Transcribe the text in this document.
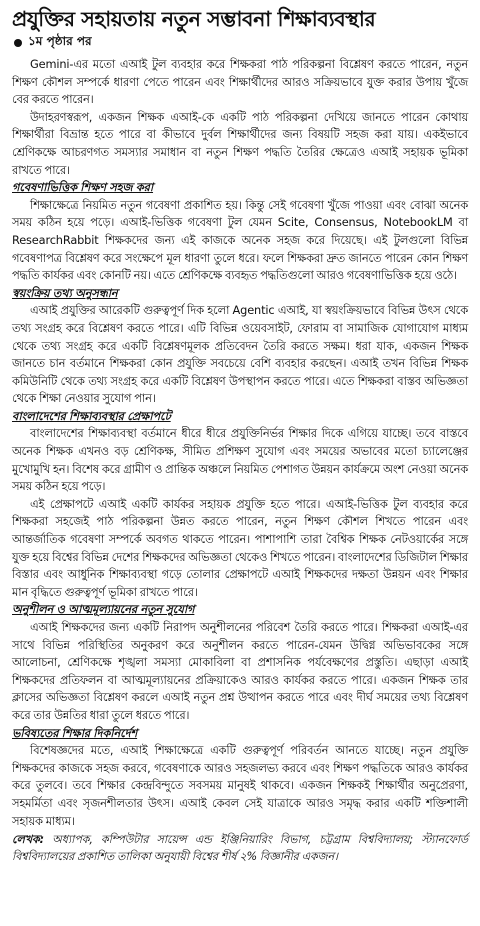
প্রযুক্তির সহায়তায় নতুন সম্ভাবনা শিক্ষাব্যবস্থার
১ম পৃষ্ঠার পর

Gemini-এর মতো এআই টুল ব্যবহার করে শিক্ষকরা পাঠ পরিকল্পনা বিশ্লেষণ করতে পারেন, নতুন শিক্ষণ কৌশল সম্পর্কে ধারণা পেতে পারেন এবং শিক্ষার্থীদের আরও সক্রিয়ভাবে যুক্ত করার উপায় খুঁজে বের করতে পারেন।

উদাহরণস্বরূপ, একজন শিক্ষক এআই-কে একটি পাঠ পরিকল্পনা দেখিয়ে জানতে পারেন কোথায় শিক্ষার্থীরা বিভ্রান্ত হতে পারে বা কীভাবে দুর্বল শিক্ষার্থীদের জন্য বিষয়টি সহজ করা যায়। একইভাবে শ্রেণিকক্ষে আচরণগত সমস্যার সমাধান বা নতুন শিক্ষণ পদ্ধতি তৈরির ক্ষেত্রেও এআই সহায়ক ভূমিকা রাখতে পারে।

গবেষণাভিত্তিক শিক্ষণ সহজ করা

শিক্ষাক্ষেত্রে নিয়মিত নতুন গবেষণা প্রকাশিত হয়। কিন্তু সেই গবেষণা খুঁজে পাওয়া এবং বোঝা অনেক সময় কঠিন হয়ে পড়ে। এআই-ভিত্তিক গবেষণা টুল যেমন Scite, Consensus, NotebookLM বা ResearchRabbit শিক্ষকদের জন্য এই কাজকে অনেক সহজ করে দিয়েছে। এই টুলগুলো বিভিন্ন গবেষণাপত্র বিশ্লেষণ করে সংক্ষেপে মূল ধারণা তুলে ধরে। ফলে শিক্ষকরা দ্রুত জানতে পারেন কোন শিক্ষণ পদ্ধতি কার্যকর এবং কোনটি নয়। এতে শ্রেণিকক্ষে ব্যবহৃত পদ্ধতিগুলো আরও গবেষণাভিত্তিক হয়ে ওঠে।

স্বয়ংক্রিয় তথ্য অনুসন্ধান

এআই প্রযুক্তির আরেকটি গুরুত্বপূর্ণ দিক হলো Agentic এআই, যা স্বয়ংক্রিয়ভাবে বিভিন্ন উৎস থেকে তথ্য সংগ্রহ করে বিশ্লেষণ করতে পারে। এটি বিভিন্ন ওয়েবসাইট, ফোরাম বা সামাজিক যোগাযোগ মাধ্যম থেকে তথ্য সংগ্রহ করে একটি বিশ্লেষণমূলক প্রতিবেদন তৈরি করতে সক্ষম। ধরা যাক, একজন শিক্ষক জানতে চান বর্তমানে শিক্ষকরা কোন প্রযুক্তি সবচেয়ে বেশি ব্যবহার করছেন। এআই তখন বিভিন্ন শিক্ষক কমিউনিটি থেকে তথ্য সংগ্রহ করে একটি বিশ্লেষণ উপস্থাপন করতে পারে। এতে শিক্ষকরা বাস্তব অভিজ্ঞতা থেকে শিক্ষা নেওয়ার সুযোগ পান।

বাংলাদেশের শিক্ষাব্যবস্থার প্রেক্ষাপটে

বাংলাদেশের শিক্ষাব্যবস্থা বর্তমানে ধীরে ধীরে প্রযুক্তিনির্ভর শিক্ষার দিকে এগিয়ে যাচ্ছে। তবে বাস্তবে অনেক শিক্ষক এখনও বড় শ্রেণিকক্ষ, সীমিত প্রশিক্ষণ সুযোগ এবং সময়ের অভাবের মতো চ্যালেঞ্জের মুখোমুখি হন। বিশেষ করে গ্রামীণ ও প্রান্তিক অঞ্চলে নিয়মিত পেশাগত উন্নয়ন কার্যক্রমে অংশ নেওয়া অনেক সময় কঠিন হয়ে পড়ে।

এই প্রেক্ষাপটে এআই একটি কার্যকর সহায়ক প্রযুক্তি হতে পারে। এআই-ভিত্তিক টুল ব্যবহার করে শিক্ষকরা সহজেই পাঠ পরিকল্পনা উন্নত করতে পারেন, নতুন শিক্ষণ কৌশল শিখতে পারেন এবং আন্তর্জাতিক গবেষণা সম্পর্কে অবগত থাকতে পারেন। পাশাপাশি তারা বৈশ্বিক শিক্ষক নেটওয়ার্কের সঙ্গে যুক্ত হয়ে বিশ্বের বিভিন্ন দেশের শিক্ষকদের অভিজ্ঞতা থেকেও শিখতে পারেন। বাংলাদেশের ডিজিটাল শিক্ষার বিস্তার এবং আধুনিক শিক্ষাব্যবস্থা গড়ে তোলার প্রেক্ষাপটে এআই শিক্ষকদের দক্ষতা উন্নয়ন এবং শিক্ষার মান বৃদ্ধিতে গুরুত্বপূর্ণ ভূমিকা রাখতে পারে।

অনুশীলন ও আত্মমূল্যায়নের নতুন সুযোগ

এআই শিক্ষকদের জন্য একটি নিরাপদ অনুশীলনের পরিবেশ তৈরি করতে পারে। শিক্ষকরা এআই-এর সাথে বিভিন্ন পরিস্থিতির অনুকরণ করে অনুশীলন করতে পারেন-যেমন উদ্বিগ্ন অভিভাবকের সঙ্গে আলোচনা, শ্রেণিকক্ষে শৃঙ্খলা সমস্যা মোকাবিলা বা প্রশাসনিক পর্যবেক্ষণের প্রস্তুতি। এছাড়া এআই শিক্ষকদের প্রতিফলন বা আত্মমূল্যায়নের প্রক্রিয়াকেও আরও কার্যকর করতে পারে। একজন শিক্ষক তার ক্লাসের অভিজ্ঞতা বিশ্লেষণ করলে এআই নতুন প্রশ্ন উত্থাপন করতে পারে এবং দীর্ঘ সময়ের তথ্য বিশ্লেষণ করে তার উন্নতির ধারা তুলে ধরতে পারে।

ভবিষ্যতের শিক্ষার দিকনির্দেশ

বিশেষজ্ঞদের মতে, এআই শিক্ষাক্ষেত্রে একটি গুরুত্বপূর্ণ পরিবর্তন আনতে যাচ্ছে। নতুন প্রযুক্তি শিক্ষকদের কাজকে সহজ করবে, গবেষণাকে আরও সহজলভ্য করবে এবং শিক্ষণ পদ্ধতিকে আরও কার্যকর করে তুলবে। তবে শিক্ষার কেন্দ্রবিন্দুতে সবসময় মানুষই থাকবে। একজন শিক্ষকই শিক্ষার্থীর অনুপ্রেরণা, সহমর্মিতা এবং সৃজনশীলতার উৎস। এআই কেবল সেই যাত্রাকে আরও সমৃদ্ধ করার একটি শক্তিশালী সহায়ক মাধ্যম।

লেখক: অধ্যাপক, কম্পিউটার সায়েন্স এন্ড ইঞ্জিনিয়ারিং বিভাগ, চট্টগ্রাম বিশ্ববিদ্যালয়; স্ট্যানফোর্ড বিশ্ববিদ্যালয়ের প্রকাশিত তালিকা অনুযায়ী বিশ্বের শীর্ষ ২% বিজ্ঞানীর একজন।
